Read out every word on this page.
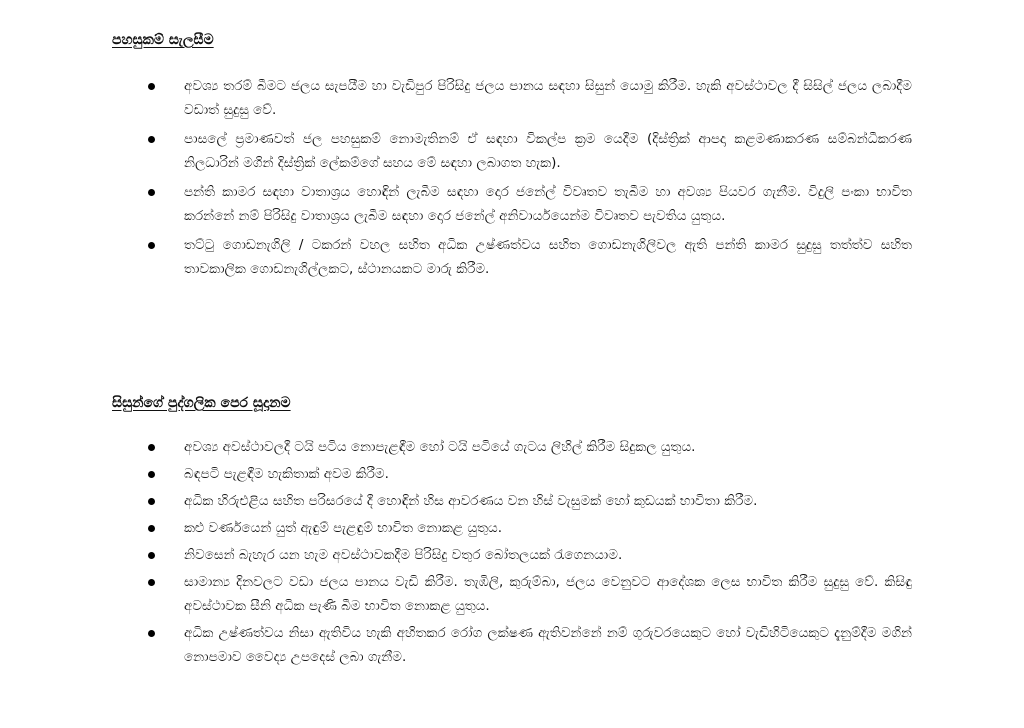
පහසුකම් සැලසීම
අවශ්‍ය තරම් බීමට ජලය සැපයීම හා වැඩිපුර පිරිසිදු ජලය පානය සඳහා සිසුන් යොමු කිරීම. හැකි අවස්ථාවල දී සිසිල් ජලය ලබාදීම වඩාත් සුදුසු වේ.
පාසලේ ප්‍රමාණවත් ජල පහසුකම් නොමැතිනම් ඒ සඳහා විකල්ප ක්‍රම යෙදීම (දිස්ත්‍රික් ආපදා කළමණාකරණ සම්බන්ධීකරණ නිලධාරින් මගින් දිස්ත්‍රික් ලේකම්ගේ සහය මේ සඳහා ලබාගත හැක).
පන්ති කාමර සඳහා වාතාශ්‍රය හොඳින් ලැබීම සඳහා දොර ජනේල් විවෘතව තැබීම හා අවශ්‍ය පියවර ගැනීම. විදුලි පංකා භාවිත කරන්නේ නම් පිරිසිදු වාතාශ්‍රය ලැබීම සඳහා දොර ජනේල් අනිවාර්යයෙන්ම විවෘතව පැවතිය යුතුය.
තට්ටු ගොඩනැගිලි / ටකරන් වහල සහිත අධික උෂ්ණත්වය සහිත ගොඩනැගිලිවල ඇති පන්ති කාමර සුදුසු තත්ත්ව සහිත තාවකාලික ගොඩනැගිල්ලකට, ස්ථානයකට මාරු කිරීම.
සිසුන්ගේ පුද්ගලික පෙර සූදානම
අවශ්‍ය අවස්ථාවලදී ටයි පටිය නොපැළඳීම හෝ ටයි පටියේ ගැටය ලිහිල් කිරීම සිදුකල යුතුය.
බඳපටි පැළඳීම හැකිතාක් අවම කිරීම.
අධික හිරුඑළිය සහිත පරිසරයේ දී හොඳින් හිස ආවරණය වන හිස් වැසුමක් හෝ කුඩයක් භාවිතා කිරීම.
කළු වර්ණයෙන් යුත් ඇඳුම් පැළඳුම් භාවිත නොකළ යුතුය.
නිවසෙන් බැහැර යන හැම අවස්ථාවකදීම පිරිසිදු වතුර බෝතලයක් රැගෙනයාම.
සාමාන්‍ය දිනවලට වඩා ජලය පානය වැඩි කිරීම. තැඹිලි, කුරුම්බා, ජලය වෙනුවට ආදේශක ලෙස භාවිත කිරීම සුදුසු වේ. කිසිඳු අවස්ථාවක සීනි අධික පැණි බීම භාවිත නොකළ යුතුය.
අධික උෂ්ණත්වය නිසා ඇතිවිය හැකි අහිතකර රෝග ලක්ෂණ ඇතිවන්නේ නම් ගුරුවරයෙකුට හෝ වැඩිහිටියෙකුට දැනුම්දීම මගින් නොපමාව වෛද්‍ය උපදෙස් ලබා ගැනීම.
